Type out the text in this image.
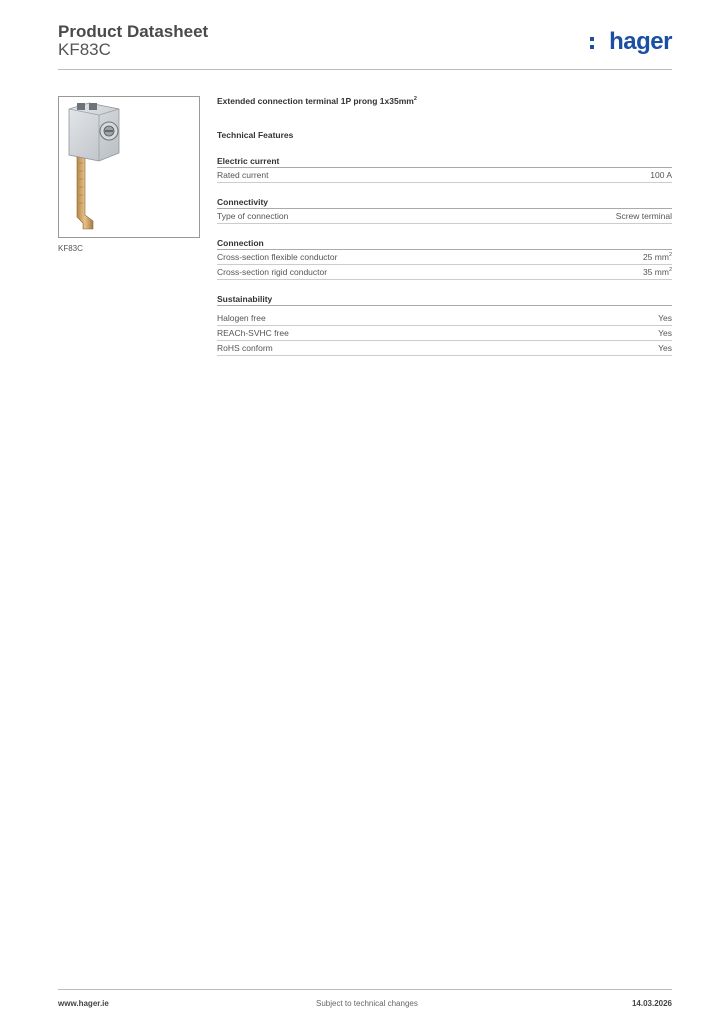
Product Datasheet
KF83C	hager
KF83C

Extended connection terminal 1P prong $1x35mm^2$

Technical Features
Electric current
Rated current	100 A
Connectivity
Type of connection	Screw terminal
Connection
Cross-section flexible conductor	25 $mm^2$
Cross-section rigid conductor	35 $mm^2$
Sustainability
Halogen free	Yes
REACh-SVHC free	Yes
RoHS conform	Yes
www.hager.ie	Subject to technical changes	14.03.2026
